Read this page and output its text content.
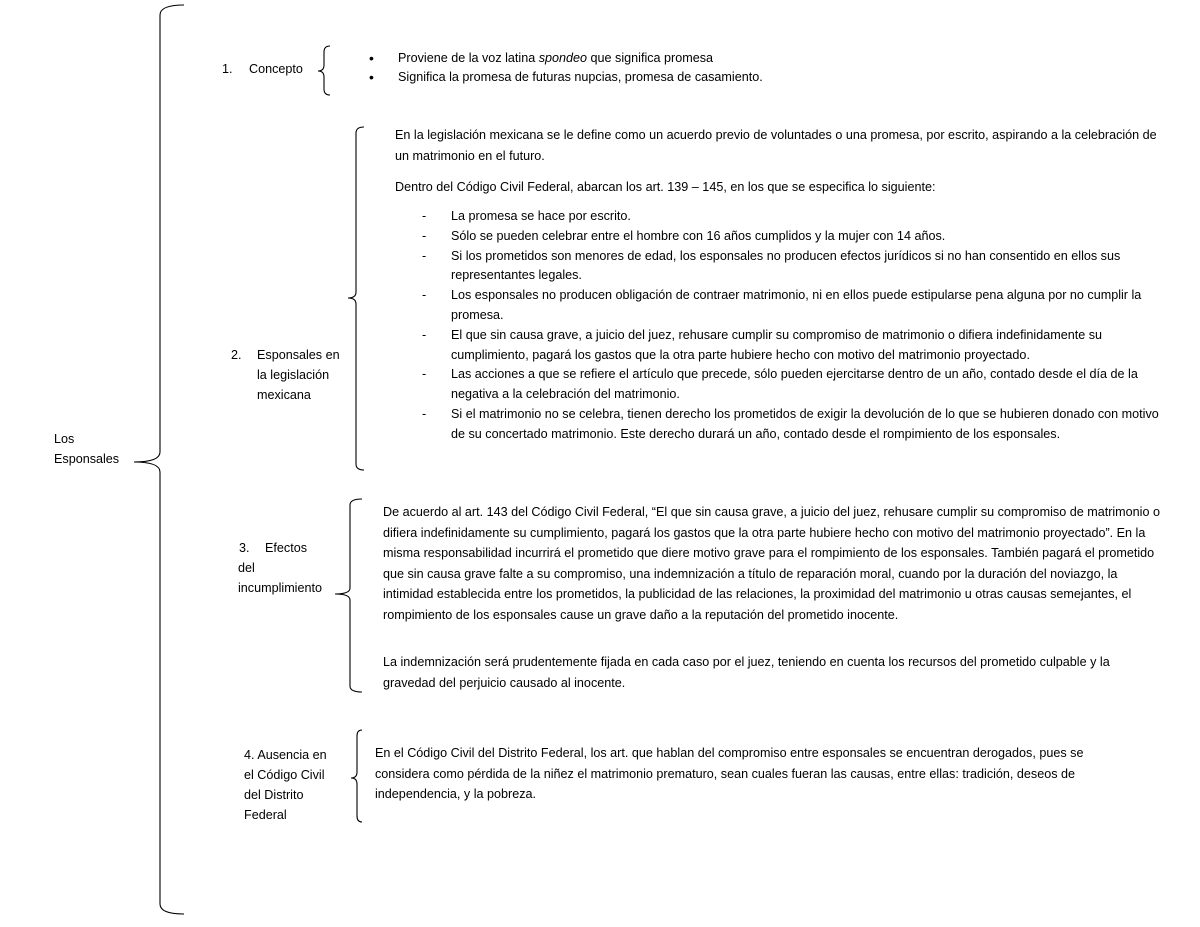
Los
Esponsales
1. Concepto
• Proviene de la voz latina spondeo que significa promesa
• Significa la promesa de futuras nupcias, promesa de casamiento.
2. Esponsales en
la legislación
mexicana

En la legislación mexicana se le define como un acuerdo previo de voluntades o una promesa, por escrito, aspirando a la celebración de un matrimonio en el futuro.

Dentro del Código Civil Federal, abarcan los art. 139 – 145, en los que se especifica lo siguiente:

- La promesa se hace por escrito.
- Sólo se pueden celebrar entre el hombre con 16 años cumplidos y la mujer con 14 años.
- Si los prometidos son menores de edad, los esponsales no producen efectos jurídicos si no han consentido en ellos sus representantes legales.
- Los esponsales no producen obligación de contraer matrimonio, ni en ellos puede estipularse pena alguna por no cumplir la promesa.
- El que sin causa grave, a juicio del juez, rehusare cumplir su compromiso de matrimonio o difiera indefinidamente su cumplimiento, pagará los gastos que la otra parte hubiere hecho con motivo del matrimonio proyectado.
- Las acciones a que se refiere el artículo que precede, sólo pueden ejercitarse dentro de un año, contado desde el día de la negativa a la celebración del matrimonio.
- Si el matrimonio no se celebra, tienen derecho los prometidos de exigir la devolución de lo que se hubieren donado con motivo de su concertado matrimonio. Este derecho durará un año, contado desde el rompimiento de los esponsales.
3.	Efectos
del
incumplimiento

De acuerdo al art. 143 del Código Civil Federal, “El que sin causa grave, a juicio del juez, rehusare cumplir su compromiso de matrimonio o difiera indefinidamente su cumplimiento, pagará los gastos que la otra parte hubiere hecho con motivo del matrimonio proyectado”. En la misma responsabilidad incurrirá el prometido que diere motivo grave para el rompimiento de los esponsales. También pagará el prometido que sin causa grave falte a su compromiso, una indemnización a título de reparación moral, cuando por la duración del noviazgo, la intimidad establecida entre los prometidos, la publicidad de las relaciones, la proximidad del matrimonio u otras causas semejantes, el rompimiento de los esponsales cause un grave daño a la reputación del prometido inocente.

La indemnización será prudentemente fijada en cada caso por el juez, teniendo en cuenta los recursos del prometido culpable y la gravedad del perjuicio causado al inocente.

4. Ausencia en
el Código Civil
del Distrito
Federal

En el Código Civil del Distrito Federal, los art. que hablan del compromiso entre esponsales se encuentran derogados, pues se considera como pérdida de la niñez el matrimonio prematuro, sean cuales fueran las causas, entre ellas: tradición, deseos de independencia, y la pobreza.
